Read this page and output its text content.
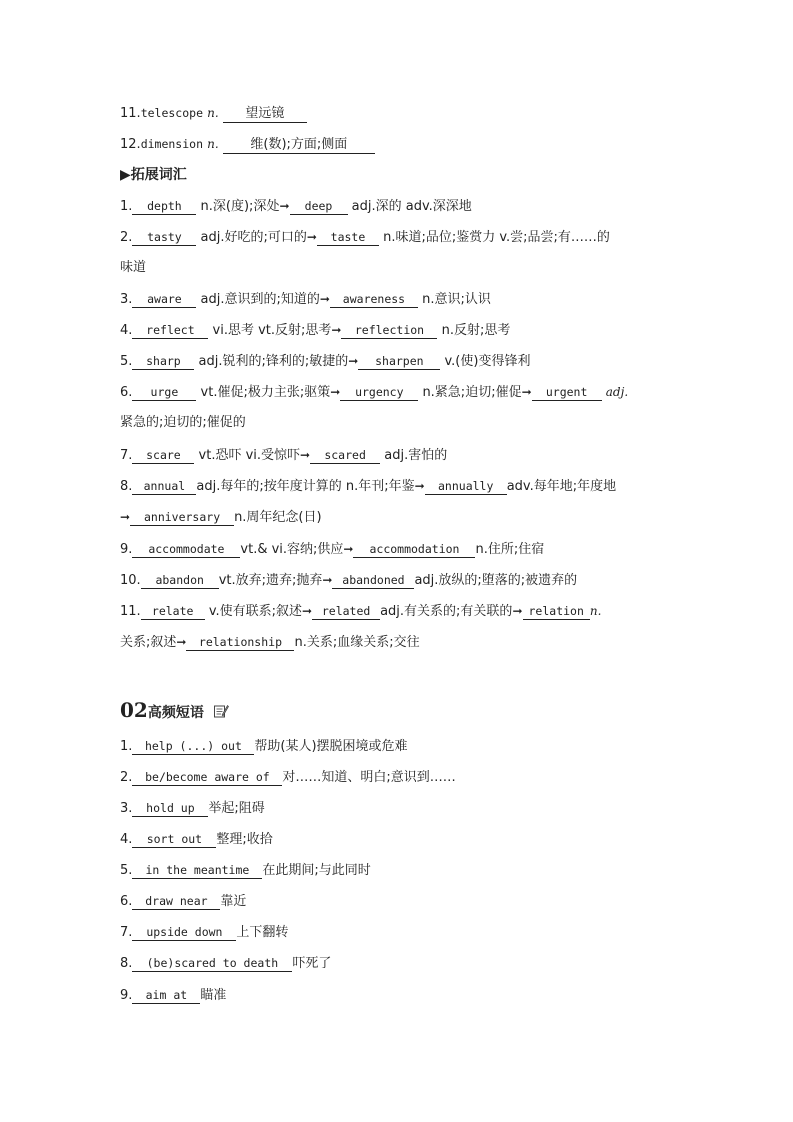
11.telescope n. 望远镜
12.dimension n. 维(数);方面;侧面
▶拓展词汇
1. depth n.深(度);深处➞ deep adj.深的 adv.深深地
2. tasty adj.好吃的;可口的➞ taste n.味道;品位;鉴赏力 v.尝;品尝;有……的
味道
3. aware adj.意识到的;知道的➞ awareness n.意识;认识
4. reflect vi.思考 vt.反射;思考➞ reflection n.反射;思考
5. sharp adj.锐利的;锋利的;敏捷的➞ sharpen v.(使)变得锋利
6. urge vt.催促;极力主张;驱策➞ urgency n.紧急;迫切;催促➞ urgent adj.
紧急的;迫切的;催促的
7. scare vt.恐吓 vi.受惊吓➞ scared adj.害怕的
8. annual adj.每年的;按年度计算的 n.年刊;年鉴➞ annually adv.每年地;年度地
➞ anniversary n.周年纪念(日)
9. accommodate vt.& vi.容纳;供应➞ accommodation n.住所;住宿
10. abandon vt.放弃;遗弃;抛弃➞ abandoned adj.放纵的;堕落的;被遗弃的
11. relate v.使有联系;叙述➞ related adj.有关系的;有关联的➞ relation n.
关系;叙述➞ relationship n.关系;血缘关系;交往
02高频短语
1. help (...) out 帮助(某人)摆脱困境或危难
2. be/become aware of 对……知道、明白;意识到……
3. hold up 举起;阻碍
4. sort out 整理;收拾
5. in the meantime 在此期间;与此同时
6. draw near 靠近
7. upside down 上下翻转
8. (be)scared to death 吓死了
9. aim at 瞄准
